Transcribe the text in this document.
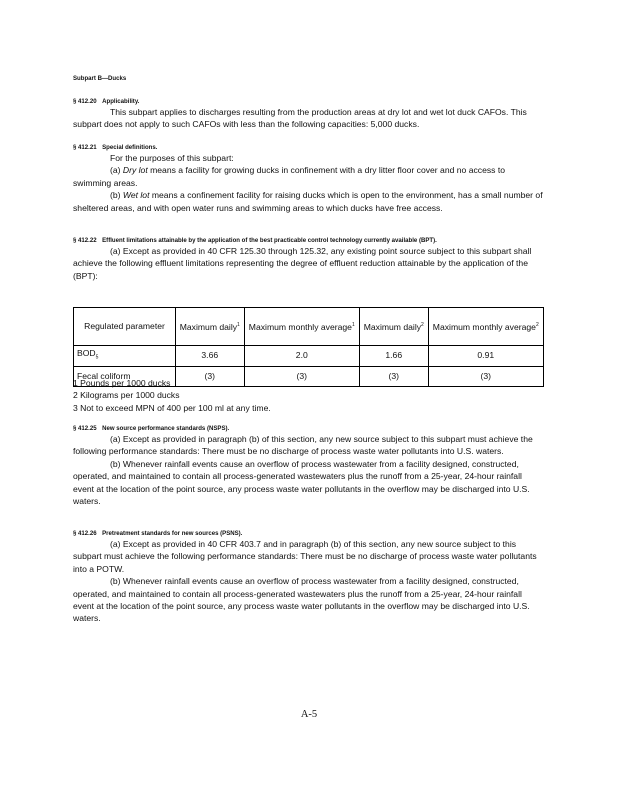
Subpart B—Ducks
§ 412.20 Applicability.

This subpart applies to discharges resulting from the production areas at dry lot and wet lot duck CAFOs. This subpart does not apply to such CAFOs with less than the following capacities: 5,000 ducks.

§ 412.21 Special definitions.

For the purposes of this subpart:

(a) Dry lot means a facility for growing ducks in confinement with a dry litter floor cover and no access to swimming areas.

(b) Wet lot means a confinement facility for raising ducks which is open to the environment, has a small number of sheltered areas, and with open water runs and swimming areas to which ducks have free access.

§ 412.22 Effluent limitations attainable by the application of the best practicable control technology currently available (BPT).

(a) Except as provided in 40 CFR 125.30 through 125.32, any existing point source subject to this subpart shall achieve the following effluent limitations representing the degree of effluent reduction attainable by the application of the (BPT):

Regulated parameter	Maximum daily$^1$	Maximum monthly average$^1$	Maximum daily$^2$	Maximum monthly average$^2$
$BOD_5$	3.66	2.0	1.66	0.91
Fecal coliform	(3)	(3)	(3)	(3)

1 Pounds per 1000 ducks

2 Kilograms per 1000 ducks

3 Not to exceed MPN of 400 per 100 ml at any time.

§ 412.25 New source performance standards (NSPS).

(a) Except as provided in paragraph (b) of this section, any new source subject to this subpart must achieve the following performance standards: There must be no discharge of process waste water pollutants into U.S. waters.

(b) Whenever rainfall events cause an overflow of process wastewater from a facility designed, constructed, operated, and maintained to contain all process-generated wastewaters plus the runoff from a 25-year, 24-hour rainfall event at the location of the point source, any process waste water pollutants in the overflow may be discharged into U.S. waters.

§ 412.26 Pretreatment standards for new sources (PSNS).

(a) Except as provided in 40 CFR 403.7 and in paragraph (b) of this section, any new source subject to this subpart must achieve the following performance standards: There must be no discharge of process waste water pollutants into a POTW.

(b) Whenever rainfall events cause an overflow of process wastewater from a facility designed, constructed, operated, and maintained to contain all process-generated wastewaters plus the runoff from a 25-year, 24-hour rainfall event at the location of the point source, any process waste water pollutants in the overflow may be discharged into U.S. waters.

A-5
